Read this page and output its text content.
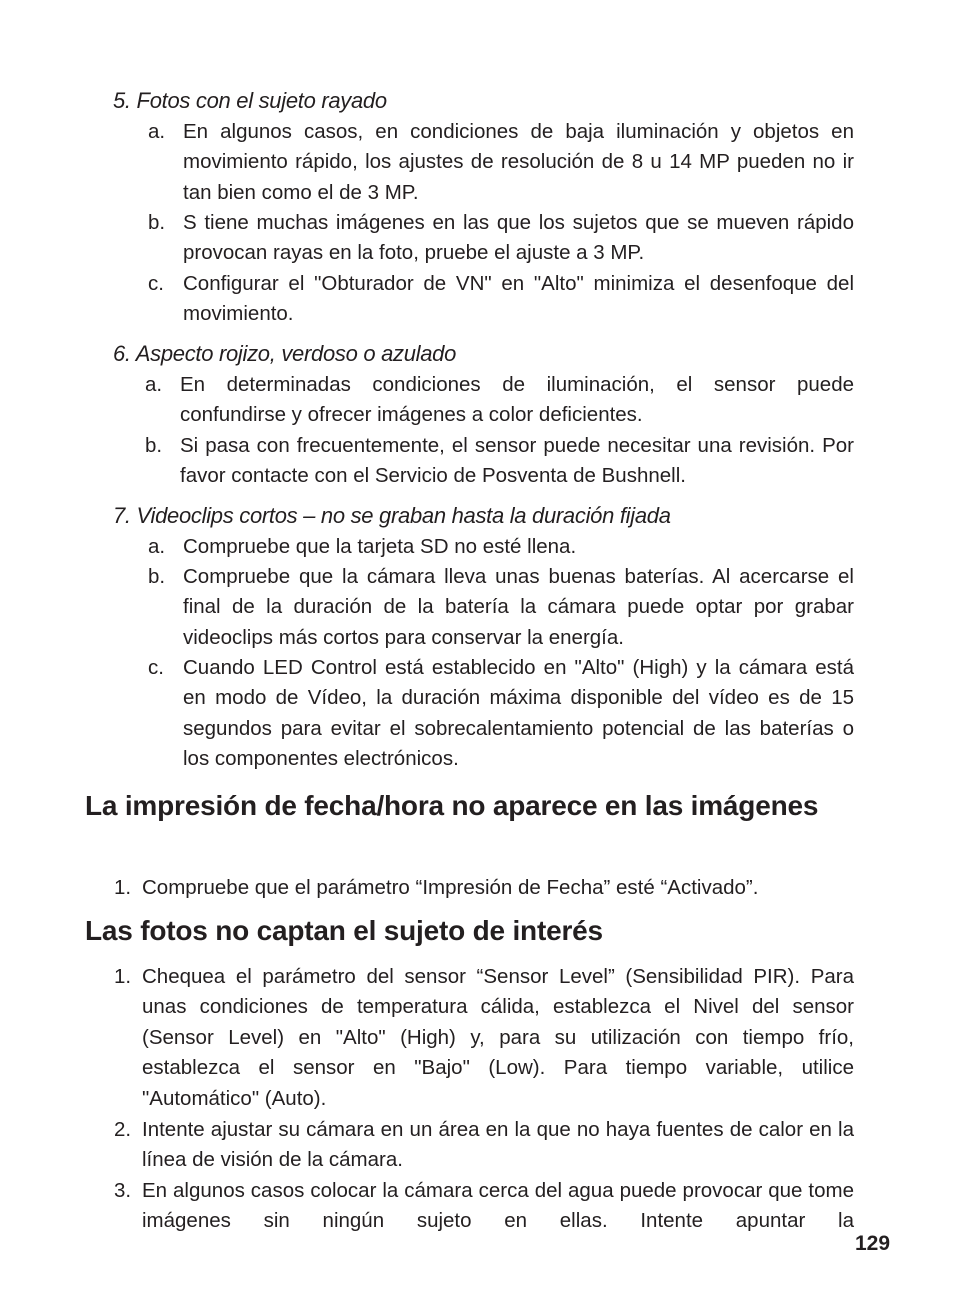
5. Fotos con el sujeto rayado
a. En algunos casos, en condiciones de baja iluminación y objetos en movimiento rápido, los ajustes de resolución de 8 u 14 MP pueden no ir tan bien como el de 3 MP.
b. S tiene muchas imágenes en las que los sujetos que se mueven rápido provocan rayas en la foto, pruebe el ajuste a 3 MP.
c. Configurar el "Obturador de VN" en "Alto" minimiza el desenfoque del movimiento.
6. Aspecto rojizo, verdoso o azulado
a. En determinadas condiciones de iluminación, el sensor puede confundirse y ofrecer imágenes a color deficientes.
b. Si pasa con frecuentemente, el sensor puede necesitar una revisión. Por favor contacte con el Servicio de Posventa de Bushnell.
7. Videoclips cortos – no se graban hasta la duración fijada
a. Compruebe que la tarjeta SD no esté llena.
b. Compruebe que la cámara lleva unas buenas baterías. Al acercarse el final de la duración de la batería la cámara puede optar por grabar videoclips más cortos para conservar la energía.
c. Cuando LED Control está establecido en "Alto" (High) y la cámara está en modo de Vídeo, la duración máxima disponible del vídeo es de 15 segundos para evitar el sobrecalentamiento potencial de las baterías o los componentes electrónicos.
La impresión de fecha/hora no aparece en las imágenes
1. Compruebe que el parámetro “Impresión de Fecha” esté “Activado”.
Las fotos no captan el sujeto de interés
1. Chequea el parámetro del sensor “Sensor Level” (Sensibilidad PIR). Para unas condiciones de temperatura cálida, establezca el Nivel del sensor (Sensor Level) en "Alto" (High) y, para su utilización con tiempo frío, establezca el sensor en "Bajo" (Low). Para tiempo variable, utilice "Automático" (Auto).
2. Intente ajustar su cámara en un área en la que no haya fuentes de calor en la línea de visión de la cámara.
3. En algunos casos colocar la cámara cerca del agua puede provocar que tome imágenes sin ningún sujeto en ellas. Intente apuntar la
129
